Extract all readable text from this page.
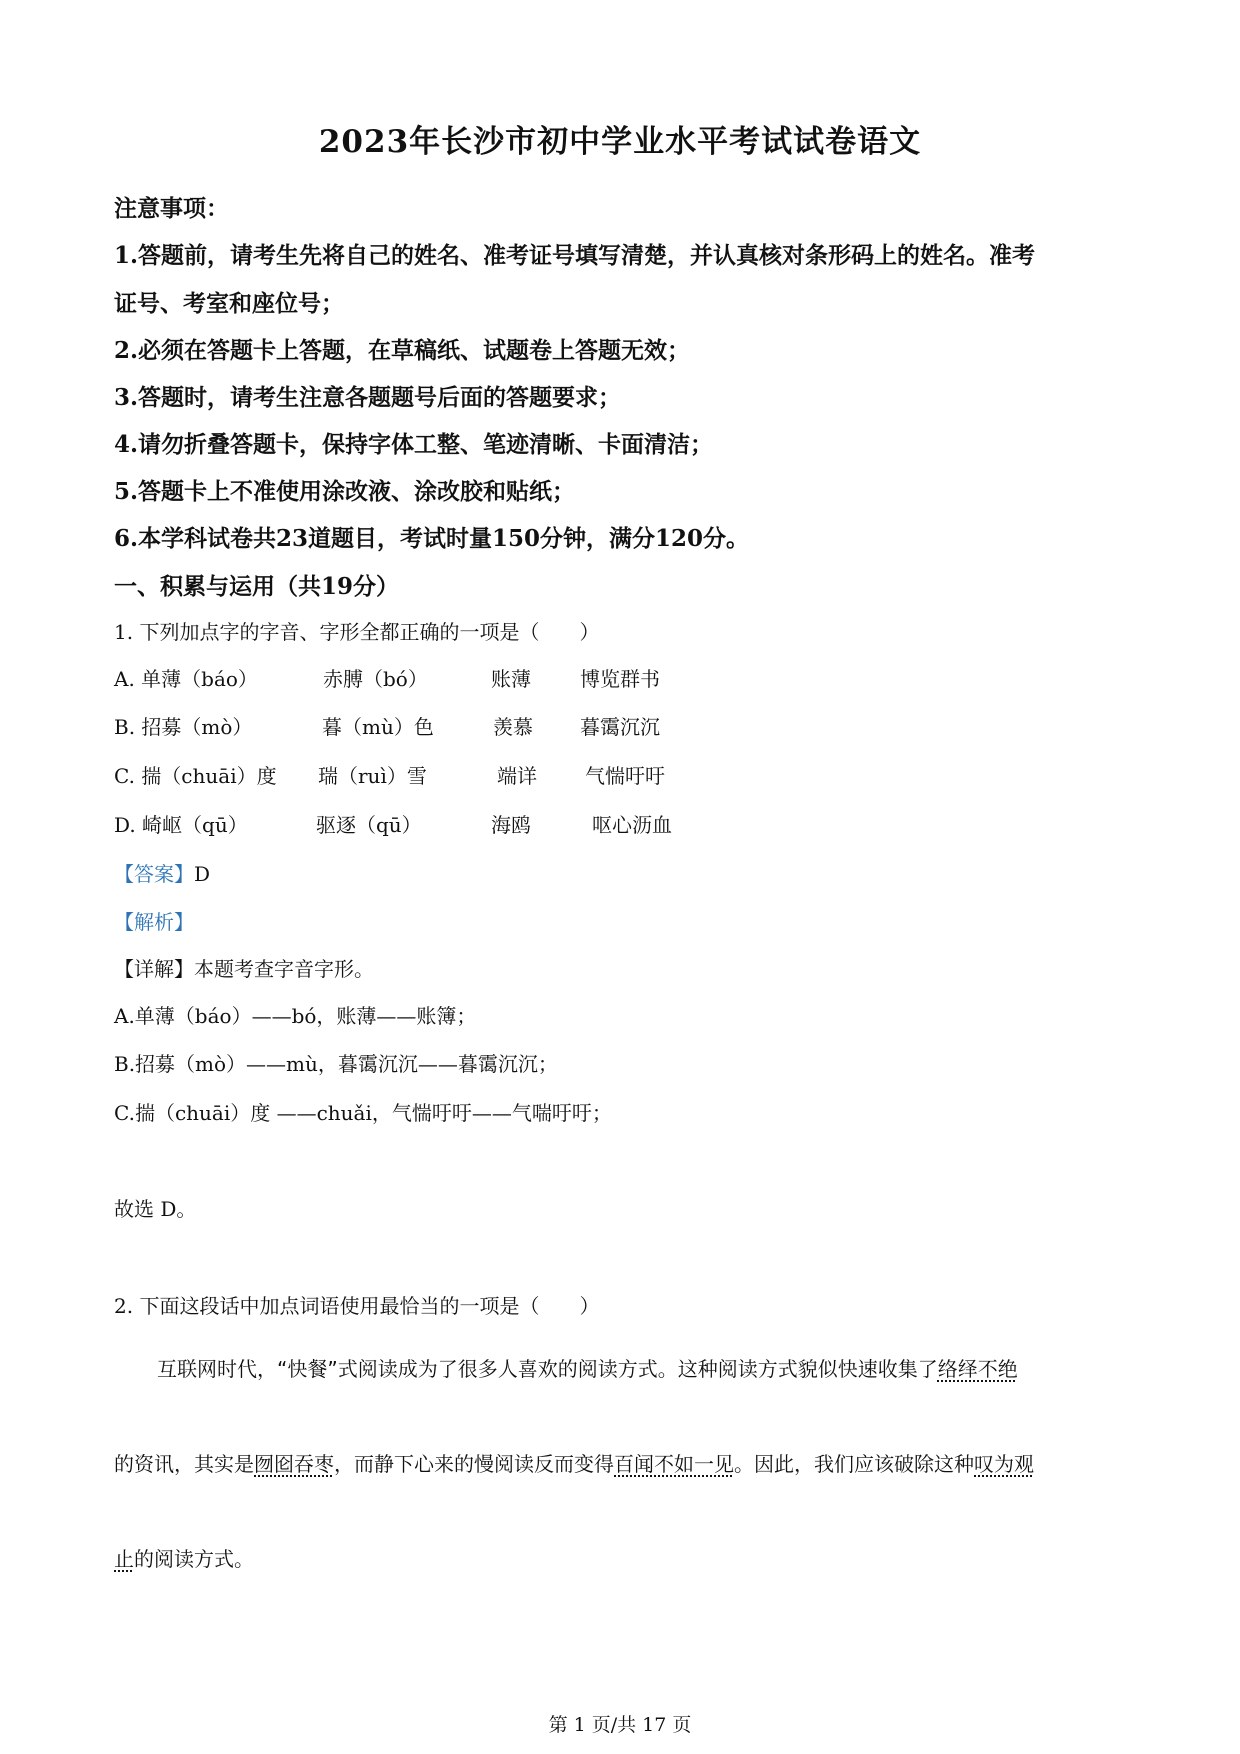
2023年长沙市初中学业水平考试试卷语文
注意事项：
1.答题前，请考生先将自己的姓名、准考证号填写清楚，并认真核对条形码上的姓名。准考
证号、考室和座位号；
2.必须在答题卡上答题，在草稿纸、试题卷上答题无效；
3.答题时，请考生注意各题题号后面的答题要求；
4.请勿折叠答题卡，保持字体工整、笔迹清晰、卡面清洁；
5.答题卡上不准使用涂改液、涂改胶和贴纸；
6.本学科试卷共23道题目，考试时量150分钟，满分120分。
一、积累与运用（共19分）
1. 下列加点字的字音、字形全都正确的一项是（　　）
A. 单薄（báo）	赤膊（bó）	账薄 博览群书
B. 招募（mò）	暮（mù）色	羡慕 暮霭沉沉
C. 揣（chuāi）度 瑞（ruì）雪	端详 气惴吁吁
D. 崎岖（qū）	驱逐（qū）	海鸥	呕心沥血
【答案】D
【解析】
【详解】本题考查字音字形。
A.单薄（báo）——bó，账薄——账簿；
B.招募（mò）——mù，暮霭沉沉——暮霭沉沉；
C.揣（chuāi）度 ——chuǎi，气惴吁吁——气喘吁吁；
故选 D。
2. 下面这段话中加点词语使用最恰当的一项是（　　）
互联网时代，“快餐”式阅读成为了很多人喜欢的阅读方式。这种阅读方式貌似快速收集了络绎不绝
的资讯，其实是囫囵吞枣，而静下心来的慢阅读反而变得百闻不如一见。因此，我们应该破除这种叹为观
止的阅读方式。
第 1 页/共 17 页
